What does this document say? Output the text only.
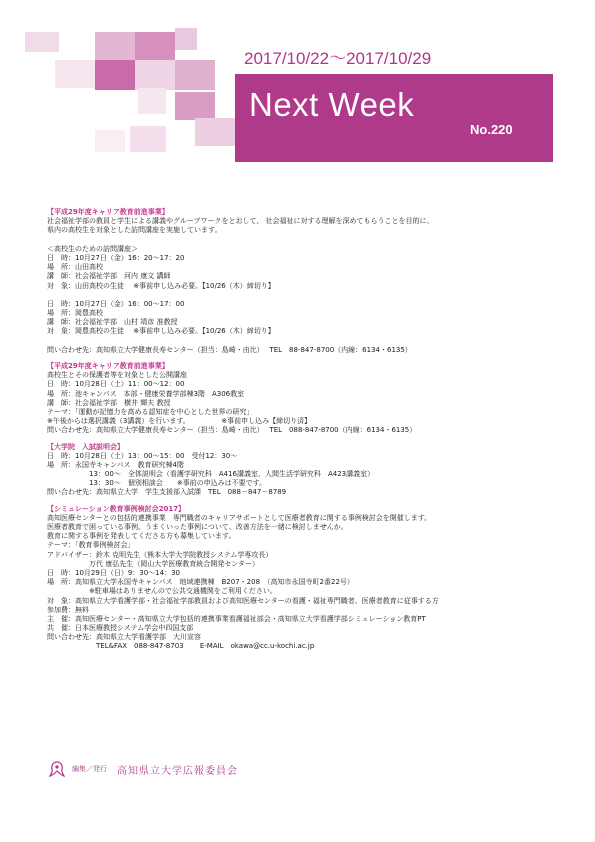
2017/10/22～2017/10/29
Next Week
No.220
【平成29年度キャリア教育前進事業】
社会福祉学部の教員と学生による講義やグループワークをとおして、 社会福祉に対する理解を深めてもらうことを目的に、
県内の高校生を対象とした訪問講座を実施しています。
＜高校生のための訪問講座＞
日　時：10月27日（金）16：20～17：20
場　所：山田高校
講　師：社会福祉学部　河内 康文 講師
対　象：山田高校の生徒　 ※事前申し込み必要。【10/26（木）締切り】
日　時：10月27日（金）16：00～17：00
場　所：岡豊高校
講　師：社会福祉学部　山村 靖彦 准教授
対　象：岡豊高校の生徒　 ※事前申し込み必要。【10/26（木）締切り】
問い合わせ先：高知県立大学健康長寿センター（担当：島崎・由比）　 TEL　88-847-8700（内線：6134・6135）
【平成29年度キャリア教育前進事業】
高校生とその保護者等を対象とした公開講座
日　時：10月28日（土）11：00～12：00
場　所：池キャンパス　本部・健康栄養学部棟3階　A306教室
講　師：社会福祉学部　横井 輝夫 教授
テーマ：「運動が記憶力を高める認知症を中心とした世界の研究」
※午後からは選択講義（3講義）を行います。　　　　　※事前申し込み【締切り済】
問い合わせ先：高知県立大学健康長寿センター（担当：島崎・由比）　 TEL　088-847-8700（内線：6134・6135）
【大学院　入試説明会】
日　時：10月28日（土）13：00～15：00　受付12：30～
場　所：永国寺キャンパス　教育研究棟4階
13：00～　全体説明会（看護学研究科　A416講義室、人間生活学研究科　A423講義室）
13：30～　個別相談会　　※事前の申込みは不要です。
問い合わせ先：高知県立大学　学生支援部入試課　TEL　088－847－8789
【シミュレーション教育事例検討会2017】
高知医療センターとの包括的連携事業　専門職者のキャリアサポートとして医療者教育に関する事例検討会を開催します。
医療者教育で困っている事例、うまくいった事例について、改善方法を一緒に検討しませんか。
教育に関する事例を発表してくださる方も募集しています。
テーマ：「教育事例検討会」
アドバイザー：鈴木 克明先生（熊本大学大学院教授システム学専攻長）
万代 康弘先生（岡山大学医療教育統合開発センター）
日　時：10月29日（日）9：30～14：30
場　所：高知県立大学永国寺キャンパス　地域連携棟　B207・208　（高知市永国寺町2番22号）
※駐車場はありませんので公共交通機関をご利用ください。
対　象：高知県立大学看護学部・社会福祉学部教員および高知医療センターの看護・福祉専門職者、医療者教育に従事する方
参加費：無料
主　催：高知医療センター・高知県立大学包括的連携事業看護福祉部会・高知県立大学看護学部シミュレーション教育PT
共　催：日本医療教授システム学会中四国支部
問い合わせ先：高知県立大学看護学部　大川宣容
　　　　　　　TEL&FAX　088-847-8703　　 E-MAIL　okawa@cc.u-kochi.ac.jp
編集／発行 高知県立大学広報委員会
